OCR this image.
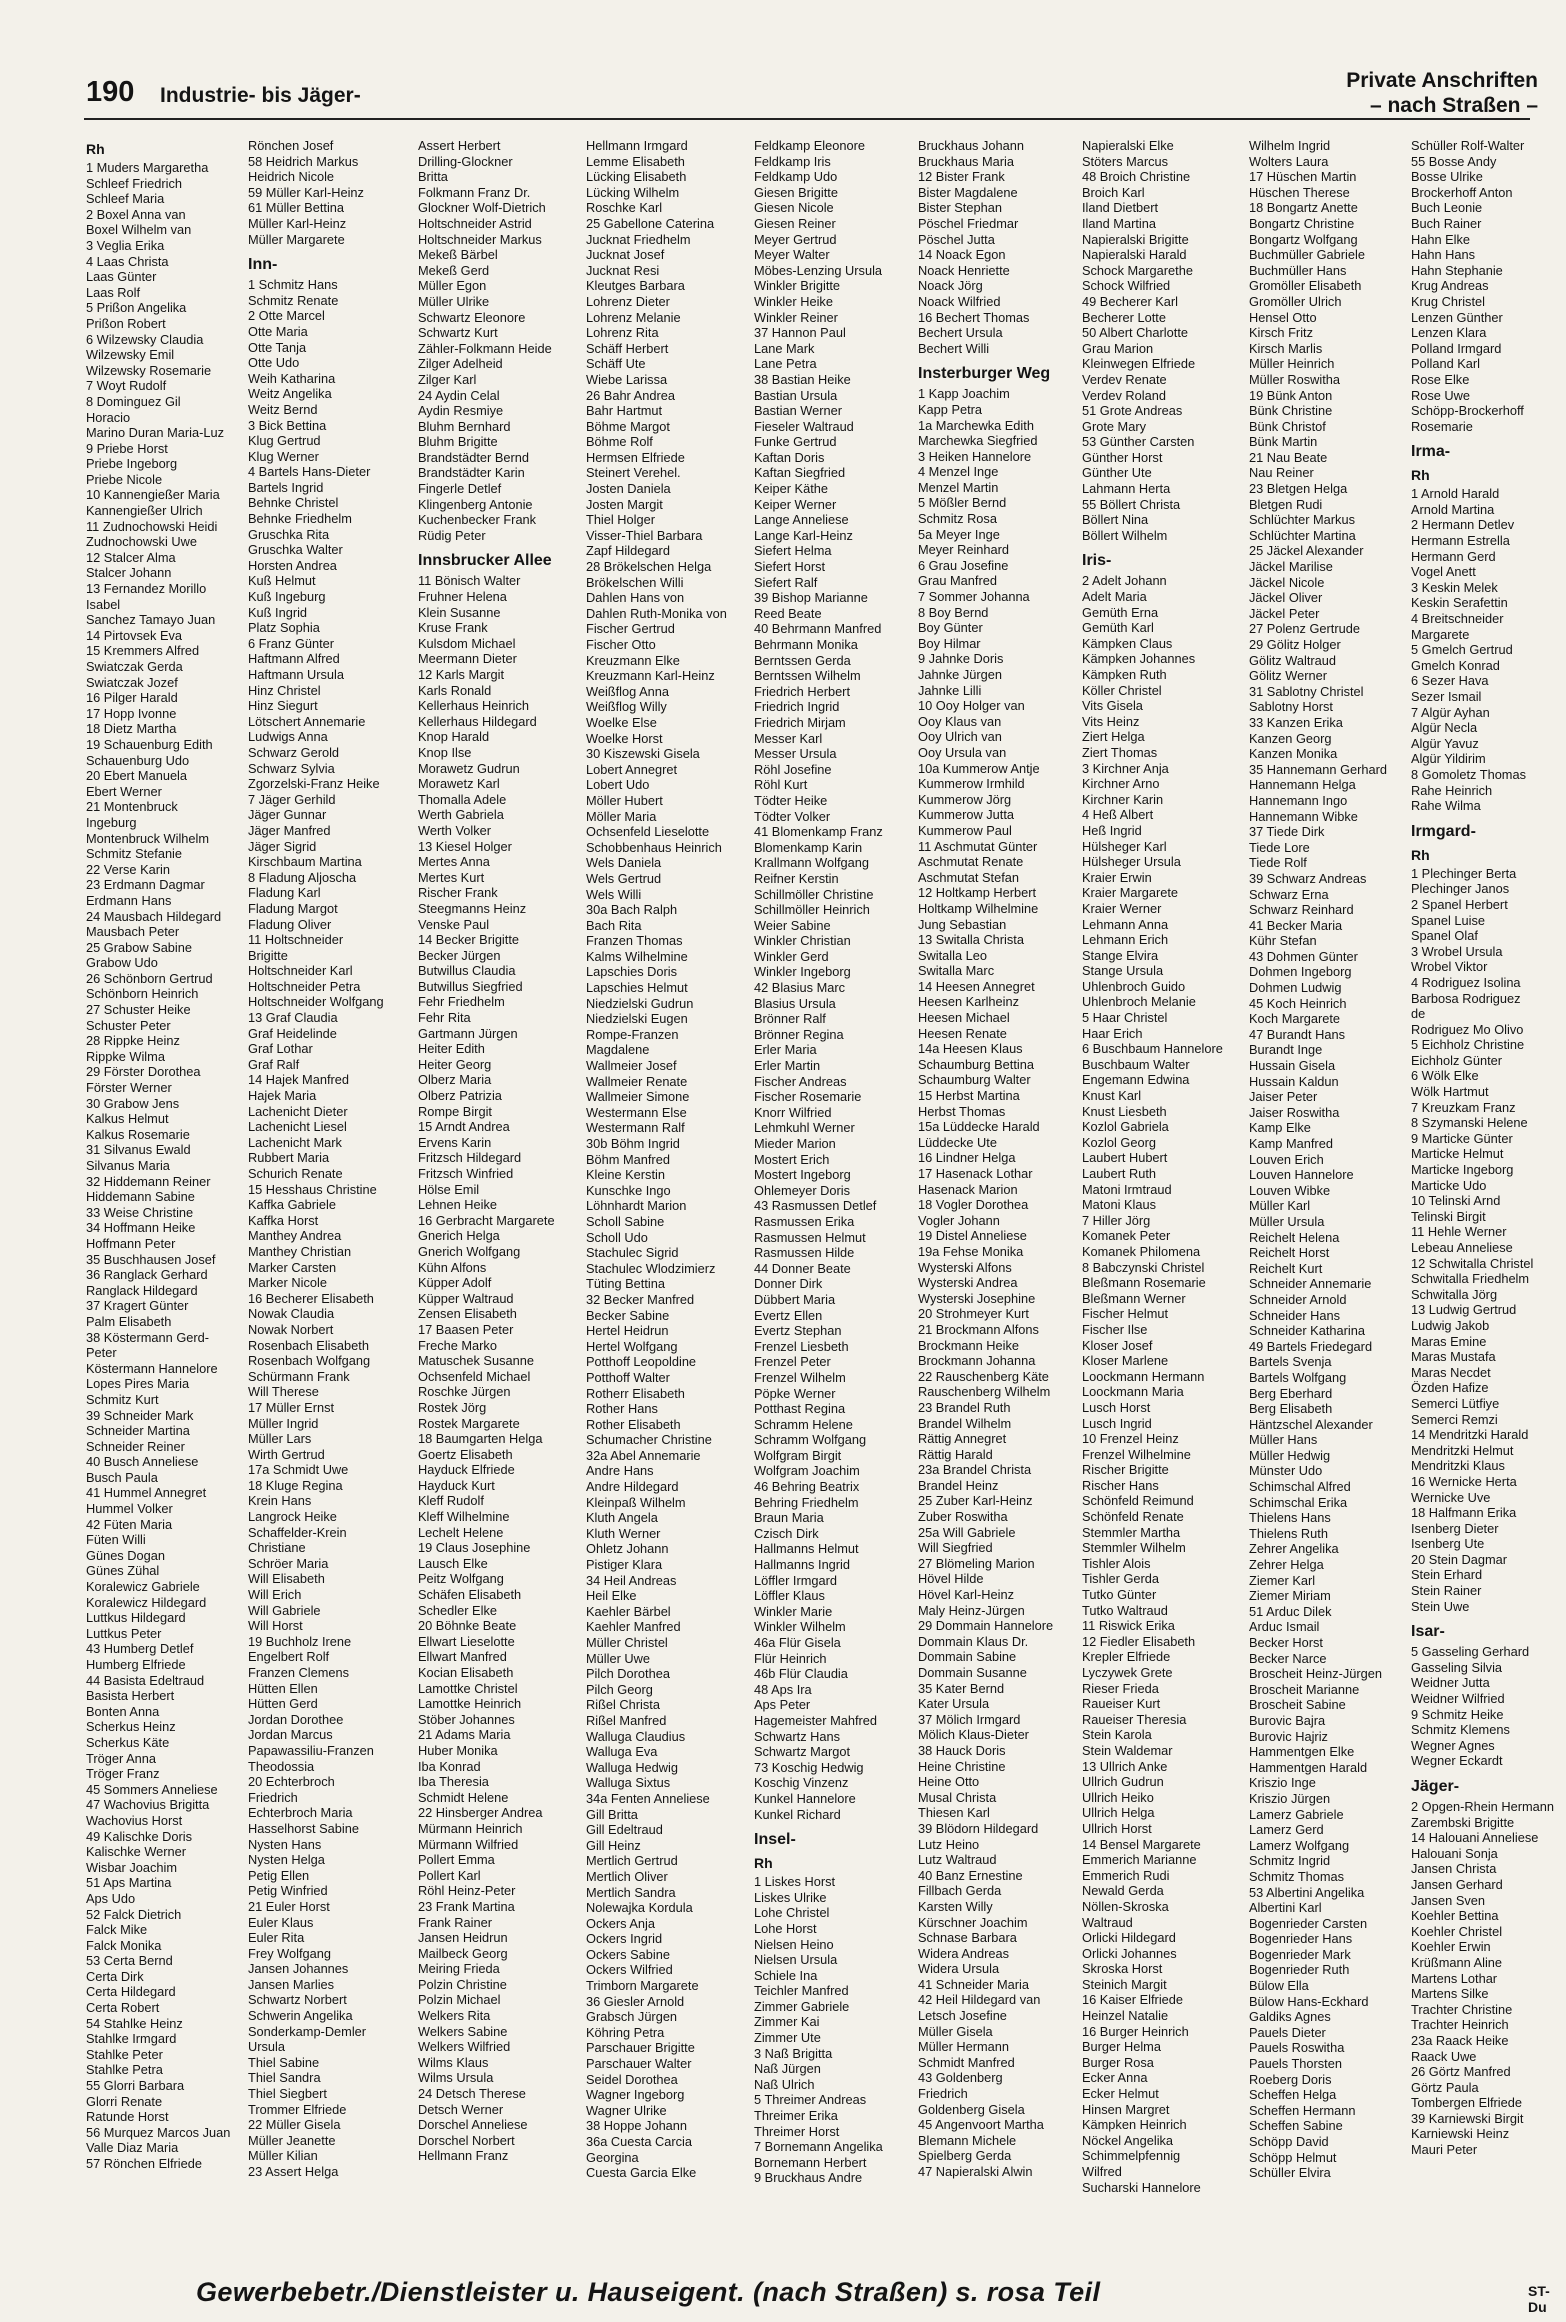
190 Industrie- bis Jäger-
Private Anschriften
– nach Straßen –
Rh
1 Muders Margaretha
Schleef Friedrich
Schleef Maria
2 Boxel Anna van
Boxel Wilhelm van
3 Veglia Erika
4 Laas Christa
Laas Günter
Laas Rolf
5 Prißon Angelika
Prißon Robert
6 Wilzewsky Claudia
Wilzewsky Emil
Wilzewsky Rosemarie
7 Woyt Rudolf
8 Dominguez Gil
Horacio
Marino Duran Maria-Luz
9 Priebe Horst
Priebe Ingeborg
Priebe Nicole
10 Kannengießer Maria
Kannengießer Ulrich
11 Zudnochowski Heidi
Zudnochowski Uwe
12 Stalcer Alma
Stalcer Johann
13 Fernandez Morillo
Isabel
Sanchez Tamayo Juan
14 Pirtovsek Eva
15 Kremmers Alfred
Swiatczak Gerda
Swiatczak Jozef
16 Pilger Harald
17 Hopp Ivonne
18 Dietz Martha
19 Schauenburg Edith
Schauenburg Udo
20 Ebert Manuela
Ebert Werner
21 Montenbruck
Ingeburg
Montenbruck Wilhelm
Schmitz Stefanie
22 Verse Karin
23 Erdmann Dagmar
Erdmann Hans
24 Mausbach Hildegard
Mausbach Peter
25 Grabow Sabine
Grabow Udo
26 Schönborn Gertrud
Schönborn Heinrich
27 Schuster Heike
Schuster Peter
28 Rippke Heinz
Rippke Wilma
29 Förster Dorothea
Förster Werner
30 Grabow Jens
Kalkus Helmut
Kalkus Rosemarie
31 Silvanus Ewald
Silvanus Maria
32 Hiddemann Reiner
Hiddemann Sabine
33 Weise Christine
34 Hoffmann Heike
Hoffmann Peter
35 Buschhausen Josef
36 Ranglack Gerhard
Ranglack Hildegard
37 Kragert Günter
Palm Elisabeth
38 Köstermann Gerd-
Peter
Köstermann Hannelore
Lopes Pires Maria
Schmitz Kurt
39 Schneider Mark
Schneider Martina
Schneider Reiner
40 Busch Anneliese
Busch Paula
41 Hummel Annegret
Hummel Volker
42 Füten Maria
Füten Willi
Günes Dogan
Günes Zühal
Koralewicz Gabriele
Koralewicz Hildegard
Luttkus Hildegard
Luttkus Peter
43 Humberg Detlef
Humberg Elfriede
44 Basista Edeltraud
Basista Herbert
Bonten Anna
Scherkus Heinz
Scherkus Käte
Tröger Anna
Tröger Franz
45 Sommers Anneliese
47 Wachovius Brigitta
Wachovius Horst
49 Kalischke Doris
Kalischke Werner
Wisbar Joachim
51 Aps Martina
Aps Udo
52 Falck Dietrich
Falck Mike
Falck Monika
53 Certa Bernd
Certa Dirk
Certa Hildegard
Certa Robert
54 Stahlke Heinz
Stahlke Irmgard
Stahlke Peter
Stahlke Petra
55 Glorri Barbara
Glorri Renate
Ratunde Horst
56 Murquez Marcos Juan
Valle Diaz Maria
57 Rönchen Elfriede
Rönchen Josef
58 Heidrich Markus
Heidrich Nicole
59 Müller Karl-Heinz
61 Müller Bettina
Müller Karl-Heinz
Müller Margarete
Inn-
1 Schmitz Hans
Schmitz Renate
2 Otte Marcel
Otte Maria
Otte Tanja
Otte Udo
Weih Katharina
Weitz Angelika
Weitz Bernd
3 Bick Bettina
Klug Gertrud
Klug Werner
4 Bartels Hans-Dieter
Bartels Ingrid
Behnke Christel
Behnke Friedhelm
Gruschka Rita
Gruschka Walter
Horsten Andrea
Kuß Helmut
Kuß Ingeburg
Kuß Ingrid
Platz Sophia
6 Franz Günter
Haftmann Alfred
Haftmann Ursula
Hinz Christel
Hinz Siegurt
Lötschert Annemarie
Ludwigs Anna
Schwarz Gerold
Schwarz Sylvia
Zgorzelski-Franz Heike
7 Jäger Gerhild
Jäger Gunnar
Jäger Manfred
Jäger Sigrid
Kirschbaum Martina
8 Fladung Aljoscha
Fladung Karl
Fladung Margot
Fladung Oliver
11 Holtschneider
Brigitte
Holtschneider Karl
Holtschneider Petra
Holtschneider Wolfgang
13 Graf Claudia
Graf Heidelinde
Graf Lothar
Graf Ralf
14 Hajek Manfred
Hajek Maria
Lachenicht Dieter
Lachenicht Liesel
Lachenicht Mark
Rubbert Maria
Schurich Renate
15 Hesshaus Christine
Kaffka Gabriele
Kaffka Horst
Manthey Andrea
Manthey Christian
Marker Carsten
Marker Nicole
16 Becherer Elisabeth
Nowak Claudia
Nowak Norbert
Rosenbach Elisabeth
Rosenbach Wolfgang
Schürmann Frank
Will Therese
17 Müller Ernst
Müller Ingrid
Müller Lars
Wirth Gertrud
17a Schmidt Uwe
18 Kluge Regina
Krein Hans
Langrock Heike
Schaffelder-Krein
Christiane
Schröer Maria
Will Elisabeth
Will Erich
Will Gabriele
Will Horst
19 Buchholz Irene
Engelbert Rolf
Franzen Clemens
Hütten Ellen
Hütten Gerd
Jordan Dorothee
Jordan Marcus
Papawassiliu-Franzen
Theodossia
20 Echterbroch
Friedrich
Echterbroch Maria
Hasselhorst Sabine
Nysten Hans
Nysten Helga
Petig Ellen
Petig Winfried
21 Euler Horst
Euler Klaus
Euler Rita
Frey Wolfgang
Jansen Johannes
Jansen Marlies
Schwartz Norbert
Schwerin Angelika
Sonderkamp-Demler
Ursula
Thiel Sabine
Thiel Sandra
Thiel Siegbert
Trommer Elfriede
22 Müller Gisela
Müller Jeanette
Müller Kilian
23 Assert Helga
Assert Herbert
Drilling-Glockner
Britta
Folkmann Franz Dr.
Glockner Wolf-Dietrich
Holtschneider Astrid
Holtschneider Markus
Mekeß Bärbel
Mekeß Gerd
Müller Egon
Müller Ulrike
Schwartz Eleonore
Schwartz Kurt
Zähler-Folkmann Heide
Zilger Adelheid
Zilger Karl
24 Aydin Celal
Aydin Resmiye
Bluhm Bernhard
Bluhm Brigitte
Brandstädter Bernd
Brandstädter Karin
Fingerle Detlef
Klingenberg Antonie
Kuchenbecker Frank
Rüdig Peter
Innsbrucker Allee
11 Bönisch Walter
Fruhner Helena
Klein Susanne
Kruse Frank
Kulsdom Michael
Meermann Dieter
12 Karls Margit
Karls Ronald
Kellerhaus Heinrich
Kellerhaus Hildegard
Knop Harald
Knop Ilse
Morawetz Gudrun
Morawetz Karl
Thomalla Adele
Werth Gabriela
Werth Volker
13 Kiesel Holger
Mertes Anna
Mertes Kurt
Rischer Frank
Steegmanns Heinz
Venske Paul
14 Becker Brigitte
Becker Jürgen
Butwillus Claudia
Butwillus Siegfried
Fehr Friedhelm
Fehr Rita
Gartmann Jürgen
Heiter Edith
Heiter Georg
Olberz Maria
Olberz Patrizia
Rompe Birgit
15 Arndt Andrea
Ervens Karin
Fritzsch Hildegard
Fritzsch Winfried
Hölse Emil
Lehnen Heike
16 Gerbracht Margarete
Gnerich Helga
Gnerich Wolfgang
Kühn Alfons
Küpper Adolf
Küpper Waltraud
Zensen Elisabeth
17 Baasen Peter
Freche Marko
Matuschek Susanne
Ochsenfeld Michael
Roschke Jürgen
Rostek Jörg
Rostek Margarete
18 Baumgarten Helga
Goertz Elisabeth
Hayduck Elfriede
Hayduck Kurt
Kleff Rudolf
Kleff Wilhelmine
Lechelt Helene
19 Claus Josephine
Lausch Elke
Peitz Wolfgang
Schäfen Elisabeth
Schedler Elke
20 Böhnke Beate
Ellwart Lieselotte
Ellwart Manfred
Kocian Elisabeth
Lamottke Christel
Lamottke Heinrich
Stöber Johannes
21 Adams Maria
Huber Monika
Iba Konrad
Iba Theresia
Schmidt Helene
22 Hinsberger Andrea
Mürmann Heinrich
Mürmann Wilfried
Pollert Emma
Pollert Karl
Röhl Heinz-Peter
23 Frank Martina
Frank Rainer
Jansen Heidrun
Mailbeck Georg
Meiring Frieda
Polzin Christine
Polzin Michael
Welkers Rita
Welkers Sabine
Welkers Wilfried
Wilms Klaus
Wilms Ursula
24 Detsch Therese
Detsch Werner
Dorschel Anneliese
Dorschel Norbert
Hellmann Franz
Hellmann Irmgard
Lemme Elisabeth
Lücking Elisabeth
Lücking Wilhelm
Roschke Karl
25 Gabellone Caterina
Jucknat Friedhelm
Jucknat Josef
Jucknat Resi
Kleutges Barbara
Lohrenz Dieter
Lohrenz Melanie
Lohrenz Rita
Schäff Herbert
Schäff Ute
Wiebe Larissa
26 Bahr Andrea
Bahr Hartmut
Böhme Margot
Böhme Rolf
Hermsen Elfriede
Steinert Verehel.
Josten Daniela
Josten Margit
Thiel Holger
Visser-Thiel Barbara
Zapf Hildegard
28 Brökelschen Helga
Brökelschen Willi
Dahlen Hans von
Dahlen Ruth-Monika von
Fischer Gertrud
Fischer Otto
Kreuzmann Elke
Kreuzmann Karl-Heinz
Weißflog Anna
Weißflog Willy
Woelke Else
Woelke Horst
30 Kiszewski Gisela
Lobert Annegret
Lobert Udo
Möller Hubert
Möller Maria
Ochsenfeld Lieselotte
Schobbenhaus Heinrich
Wels Daniela
Wels Gertrud
Wels Willi
30a Bach Ralph
Bach Rita
Franzen Thomas
Kalms Wilhelmine
Lapschies Doris
Lapschies Helmut
Niedzielski Gudrun
Niedzielski Eugen
Rompe-Franzen
Magdalene
Wallmeier Josef
Wallmeier Renate
Wallmeier Simone
Westermann Else
Westermann Ralf
30b Böhm Ingrid
Böhm Manfred
Kleine Kerstin
Kunschke Ingo
Löhnhardt Marion
Scholl Sabine
Scholl Udo
Stachulec Sigrid
Stachulec Wlodzimierz
Tüting Bettina
32 Becker Manfred
Becker Sabine
Hertel Heidrun
Hertel Wolfgang
Potthoff Leopoldine
Potthoff Walter
Rotherr Elisabeth
Rother Hans
Rother Elisabeth
Schumacher Christine
32a Abel Annemarie
Andre Hans
Andre Hildegard
Kleinpaß Wilhelm
Kluth Angela
Kluth Werner
Ohletz Johann
Pistiger Klara
34 Heil Andreas
Heil Elke
Kaehler Bärbel
Kaehler Manfred
Müller Christel
Müller Uwe
Pilch Dorothea
Pilch Georg
Rißel Christa
Rißel Manfred
Walluga Claudius
Walluga Eva
Walluga Hedwig
Walluga Sixtus
34a Fenten Anneliese
Gill Britta
Gill Edeltraud
Gill Heinz
Mertlich Gertrud
Mertlich Oliver
Mertlich Sandra
Nolewajka Kordula
Ockers Anja
Ockers Ingrid
Ockers Sabine
Ockers Wilfried
Trimborn Margarete
36 Giesler Arnold
Grabsch Jürgen
Köhring Petra
Parschauer Brigitte
Parschauer Walter
Seidel Dorothea
Wagner Ingeborg
Wagner Ulrike
38 Hoppe Johann
36a Cuesta Carcia
Georgina
Cuesta Garcia Elke
Feldkamp Eleonore
Feldkamp Iris
Feldkamp Udo
Giesen Brigitte
Giesen Nicole
Giesen Reiner
Meyer Gertrud
Meyer Walter
Möbes-Lenzing Ursula
Winkler Brigitte
Winkler Heike
Winkler Reiner
37 Hannon Paul
Lane Mark
Lane Petra
38 Bastian Heike
Bastian Ursula
Bastian Werner
Fieseler Waltraud
Funke Gertrud
Kaftan Doris
Kaftan Siegfried
Keiper Käthe
Keiper Werner
Lange Anneliese
Lange Karl-Heinz
Siefert Helma
Siefert Horst
Siefert Ralf
39 Bishop Marianne
Reed Beate
40 Behrmann Manfred
Behrmann Monika
Berntssen Gerda
Berntssen Wilhelm
Friedrich Herbert
Friedrich Ingrid
Friedrich Mirjam
Messer Karl
Messer Ursula
Röhl Josefine
Röhl Kurt
Tödter Heike
Tödter Volker
41 Blomenkamp Franz
Blomenkamp Karin
Krallmann Wolfgang
Reifner Kerstin
Schillmöller Christine
Schillmöller Heinrich
Weier Sabine
Winkler Christian
Winkler Gerd
Winkler Ingeborg
42 Blasius Marc
Blasius Ursula
Brönner Ralf
Brönner Regina
Erler Maria
Erler Martin
Fischer Andreas
Fischer Rosemarie
Knorr Wilfried
Lehmkuhl Werner
Mieder Marion
Mostert Erich
Mostert Ingeborg
Ohlemeyer Doris
43 Rasmussen Detlef
Rasmussen Erika
Rasmussen Helmut
Rasmussen Hilde
44 Donner Beate
Donner Dirk
Dübbert Maria
Evertz Ellen
Evertz Stephan
Frenzel Liesbeth
Frenzel Peter
Frenzel Wilhelm
Pöpke Werner
Potthast Regina
Schramm Helene
Schramm Wolfgang
Wolfgram Birgit
Wolfgram Joachim
46 Behring Beatrix
Behring Friedhelm
Braun Maria
Czisch Dirk
Hallmanns Helmut
Hallmanns Ingrid
Löffler Irmgard
Löffler Klaus
Winkler Marie
Winkler Wilhelm
46a Flür Gisela
Flür Heinrich
46b Flür Claudia
48 Aps Ira
Aps Peter
Hagemeister Mahfred
Schwartz Hans
Schwartz Margot
73 Koschig Hedwig
Koschig Vinzenz
Kunkel Hannelore
Kunkel Richard
Insel-
Rh
1 Liskes Horst
Liskes Ulrike
Lohe Christel
Lohe Horst
Nielsen Heino
Nielsen Ursula
Schiele Ina
Teichler Manfred
Zimmer Gabriele
Zimmer Kai
Zimmer Ute
3 Naß Brigitta
Naß Jürgen
Naß Ulrich
5 Threimer Andreas
Threimer Erika
Threimer Horst
7 Bornemann Angelika
Bornemann Herbert
9 Bruckhaus Andre
Bruckhaus Johann
Bruckhaus Maria
12 Bister Frank
Bister Magdalene
Bister Stephan
Pöschel Friedmar
Pöschel Jutta
14 Noack Egon
Noack Henriette
Noack Jörg
Noack Wilfried
16 Bechert Thomas
Bechert Ursula
Bechert Willi
Insterburger Weg
1 Kapp Joachim
Kapp Petra
1a Marchewka Edith
Marchewka Siegfried
3 Heiken Hannelore
4 Menzel Inge
Menzel Martin
5 Mößler Bernd
Schmitz Rosa
5a Meyer Inge
Meyer Reinhard
6 Grau Josefine
Grau Manfred
7 Sommer Johanna
8 Boy Bernd
Boy Günter
Boy Hilmar
9 Jahnke Doris
Jahnke Jürgen
Jahnke Lilli
10 Ooy Holger van
Ooy Klaus van
Ooy Ulrich van
Ooy Ursula van
10a Kummerow Antje
Kummerow Irmhild
Kummerow Jörg
Kummerow Jutta
Kummerow Paul
11 Aschmutat Günter
Aschmutat Renate
Aschmutat Stefan
12 Holtkamp Herbert
Holtkamp Wilhelmine
Jung Sebastian
13 Switalla Christa
Switalla Leo
Switalla Marc
14 Heesen Annegret
Heesen Karlheinz
Heesen Michael
Heesen Renate
14a Heesen Klaus
Schaumburg Bettina
Schaumburg Walter
15 Herbst Martina
Herbst Thomas
15a Lüddecke Harald
Lüddecke Ute
16 Lindner Helga
17 Hasenack Lothar
Hasenack Marion
18 Vogler Dorothea
Vogler Johann
19 Distel Anneliese
19a Fehse Monika
Wysterski Alfons
Wysterski Andrea
Wysterski Josephine
20 Strohmeyer Kurt
21 Brockmann Alfons
Brockmann Heike
Brockmann Johanna
22 Rauschenberg Käte
Rauschenberg Wilhelm
23 Brandel Ruth
Brandel Wilhelm
Rättig Annegret
Rättig Harald
23a Brandel Christa
Brandel Heinz
25 Zuber Karl-Heinz
Zuber Roswitha
25a Will Gabriele
Will Siegfried
27 Blömeling Marion
Hövel Hilde
Hövel Karl-Heinz
Maly Heinz-Jürgen
29 Dommain Hannelore
Dommain Klaus Dr.
Dommain Sabine
Dommain Susanne
35 Kater Bernd
Kater Ursula
37 Mölich Irmgard
Mölich Klaus-Dieter
38 Hauck Doris
Heine Christine
Heine Otto
Musal Christa
Thiesen Karl
39 Blödorn Hildegard
Lutz Heino
Lutz Waltraud
40 Banz Ernestine
Fillbach Gerda
Karsten Willy
Kürschner Joachim
Schnase Barbara
Widera Andreas
Widera Ursula
41 Schneider Maria
42 Heil Hildegard van
Letsch Josefine
Müller Gisela
Müller Hermann
Schmidt Manfred
43 Goldenberg
Friedrich
Goldenberg Gisela
45 Angenvoort Martha
Blemann Michele
Spielberg Gerda
47 Napieralski Alwin
Napieralski Elke
Stöters Marcus
48 Broich Christine
Broich Karl
Iland Dietbert
Iland Martina
Napieralski Brigitte
Napieralski Harald
Schock Margarethe
Schock Wilfried
49 Becherer Karl
Becherer Lotte
50 Albert Charlotte
Grau Marion
Kleinwegen Elfriede
Verdev Renate
Verdev Roland
51 Grote Andreas
Grote Mary
53 Günther Carsten
Günther Horst
Günther Ute
Lahmann Herta
55 Böllert Christa
Böllert Nina
Böllert Wilhelm
Iris-
2 Adelt Johann
Adelt Maria
Gemüth Erna
Gemüth Karl
Kämpken Claus
Kämpken Johannes
Kämpken Ruth
Köller Christel
Vits Gisela
Vits Heinz
Ziert Helga
Ziert Thomas
3 Kirchner Anja
Kirchner Arno
Kirchner Karin
4 Heß Albert
Heß Ingrid
Hülsheger Karl
Hülsheger Ursula
Kraier Erwin
Kraier Margarete
Kraier Werner
Lehmann Anna
Lehmann Erich
Stange Elvira
Stange Ursula
Uhlenbroch Guido
Uhlenbroch Melanie
5 Haar Christel
Haar Erich
6 Buschbaum Hannelore
Buschbaum Walter
Engemann Edwina
Knust Karl
Knust Liesbeth
Kozlol Gabriela
Kozlol Georg
Laubert Hubert
Laubert Ruth
Matoni Irmtraud
Matoni Klaus
7 Hiller Jörg
Komanek Peter
Komanek Philomena
8 Babczynski Christel
Bleßmann Rosemarie
Bleßmann Werner
Fischer Helmut
Fischer Ilse
Kloser Josef
Kloser Marlene
Loockmann Hermann
Loockmann Maria
Lusch Horst
Lusch Ingrid
10 Frenzel Heinz
Frenzel Wilhelmine
Rischer Brigitte
Rischer Hans
Schönfeld Reimund
Schönfeld Renate
Stemmler Martha
Stemmler Wilhelm
Tishler Alois
Tishler Gerda
Tutko Günter
Tutko Waltraud
11 Riswick Erika
12 Fiedler Elisabeth
Krepler Elfriede
Lyczywek Grete
Rieser Frieda
Raueiser Kurt
Raueiser Theresia
Stein Karola
Stein Waldemar
13 Ullrich Anke
Ullrich Gudrun
Ullrich Heiko
Ullrich Helga
Ullrich Horst
14 Bensel Margarete
Emmerich Marianne
Emmerich Rudi
Newald Gerda
Nöllen-Skroska
Waltraud
Orlicki Hildegard
Orlicki Johannes
Skroska Horst
Steinich Margit
16 Kaiser Elfriede
Heinzel Natalie
16 Burger Heinrich
Burger Helma
Burger Rosa
Ecker Anna
Ecker Helmut
Hinsen Margret
Kämpken Heinrich
Nöckel Angelika
Schimmelpfennig
Wilfred
Sucharski Hannelore
Wilhelm Ingrid
Wolters Laura
17 Hüschen Martin
Hüschen Therese
18 Bongartz Anette
Bongartz Christine
Bongartz Wolfgang
Buchmüller Gabriele
Buchmüller Hans
Gromöller Elisabeth
Gromöller Ulrich
Hensel Otto
Kirsch Fritz
Kirsch Marlis
Müller Heinrich
Müller Roswitha
19 Bünk Anton
Bünk Christine
Bünk Christof
Bünk Martin
21 Nau Beate
Nau Reiner
23 Bletgen Helga
Bletgen Rudi
Schlüchter Markus
Schlüchter Martina
25 Jäckel Alexander
Jäckel Marilise
Jäckel Nicole
Jäckel Oliver
Jäckel Peter
27 Polenz Gertrude
29 Gölitz Holger
Gölitz Waltraud
Gölitz Werner
31 Sablotny Christel
Sablotny Horst
33 Kanzen Erika
Kanzen Georg
Kanzen Monika
35 Hannemann Gerhard
Hannemann Helga
Hannemann Ingo
Hannemann Wibke
37 Tiede Dirk
Tiede Lore
Tiede Rolf
39 Schwarz Andreas
Schwarz Erna
Schwarz Reinhard
41 Becker Maria
Kühr Stefan
43 Dohmen Günter
Dohmen Ingeborg
Dohmen Ludwig
45 Koch Heinrich
Koch Margarete
47 Burandt Hans
Burandt Inge
Hussain Gisela
Hussain Kaldun
Jaiser Peter
Jaiser Roswitha
Kamp Elke
Kamp Manfred
Louven Erich
Louven Hannelore
Louven Wibke
Müller Karl
Müller Ursula
Reichelt Helena
Reichelt Horst
Reichelt Kurt
Schneider Annemarie
Schneider Arnold
Schneider Hans
Schneider Katharina
49 Bartels Friedegard
Bartels Svenja
Bartels Wolfgang
Berg Eberhard
Berg Elisabeth
Häntzschel Alexander
Müller Hans
Müller Hedwig
Münster Udo
Schimschal Alfred
Schimschal Erika
Thielens Hans
Thielens Ruth
Zehrer Angelika
Zehrer Helga
Ziemer Karl
Ziemer Miriam
51 Arduc Dilek
Arduc Ismail
Becker Horst
Becker Narce
Broscheit Heinz-Jürgen
Broscheit Marianne
Broscheit Sabine
Burovic Bajra
Burovic Hajriz
Hammentgen Elke
Hammentgen Harald
Kriszio Inge
Kriszio Jürgen
Lamerz Gabriele
Lamerz Gerd
Lamerz Wolfgang
Schmitz Ingrid
Schmitz Thomas
53 Albertini Angelika
Albertini Karl
Bogenrieder Carsten
Bogenrieder Hans
Bogenrieder Mark
Bogenrieder Ruth
Bülow Ella
Bülow Hans-Eckhard
Galdiks Agnes
Pauels Dieter
Pauels Roswitha
Pauels Thorsten
Roeberg Doris
Scheffen Helga
Scheffen Hermann
Scheffen Sabine
Schöpp David
Schöpp Helmut
Schüller Elvira
Schüller Rolf-Walter
55 Bosse Andy
Bosse Ulrike
Brockerhoff Anton
Buch Leonie
Buch Rainer
Hahn Elke
Hahn Hans
Hahn Stephanie
Krug Andreas
Krug Christel
Lenzen Günther
Lenzen Klara
Polland Irmgard
Polland Karl
Rose Elke
Rose Uwe
Schöpp-Brockerhoff
Rosemarie
Irma-
Rh
1 Arnold Harald
Arnold Martina
2 Hermann Detlev
Hermann Estrella
Hermann Gerd
Vogel Anett
3 Keskin Melek
Keskin Serafettin
4 Breitschneider
Margarete
5 Gmelch Gertrud
Gmelch Konrad
6 Sezer Hava
Sezer Ismail
7 Algür Ayhan
Algür Necla
Algür Yavuz
Algür Yildirim
8 Gomoletz Thomas
Rahe Heinrich
Rahe Wilma
Irmgard-
Rh
1 Plechinger Berta
Plechinger Janos
2 Spanel Herbert
Spanel Luise
Spanel Olaf
3 Wrobel Ursula
Wrobel Viktor
4 Rodriguez Isolina
Barbosa Rodriguez
de
Rodriguez Mo Olivo
5 Eichholz Christine
Eichholz Günter
6 Wölk Elke
Wölk Hartmut
7 Kreuzkam Franz
8 Szymanski Helene
9 Marticke Günter
Marticke Helmut
Marticke Ingeborg
Marticke Udo
10 Telinski Arnd
Telinski Birgit
11 Hehle Werner
Lebeau Anneliese
12 Schwitalla Christel
Schwitalla Friedhelm
Schwitalla Jörg
13 Ludwig Gertrud
Ludwig Jakob
Maras Emine
Maras Mustafa
Maras Necdet
Özden Hafize
Semerci Lütfiye
Semerci Remzi
14 Mendritzki Harald
Mendritzki Helmut
Mendritzki Klaus
16 Wernicke Herta
Wernicke Uve
18 Halfmann Erika
Isenberg Dieter
Isenberg Ute
20 Stein Dagmar
Stein Erhard
Stein Rainer
Stein Uwe
Isar-
5 Gasseling Gerhard
Gasseling Silvia
Weidner Jutta
Weidner Wilfried
9 Schmitz Heike
Schmitz Klemens
Wegner Agnes
Wegner Eckardt
Jäger-
2 Opgen-Rhein Hermann
Zarembski Brigitte
14 Halouani Anneliese
Halouani Sonja
Jansen Christa
Jansen Gerhard
Jansen Sven
Koehler Bettina
Koehler Christel
Koehler Erwin
Krüßmann Aline
Martens Lothar
Martens Silke
Trachter Christine
Trachter Heinrich
23a Raack Heike
Raack Uwe
26 Görtz Manfred
Görtz Paula
Tombergen Elfriede
39 Karniewski Birgit
Karniewski Heinz
Mauri Peter
Gewerbebetr./Dienstleister u. Hauseigent. (nach Straßen) s. rosa Teil	ST-Du
